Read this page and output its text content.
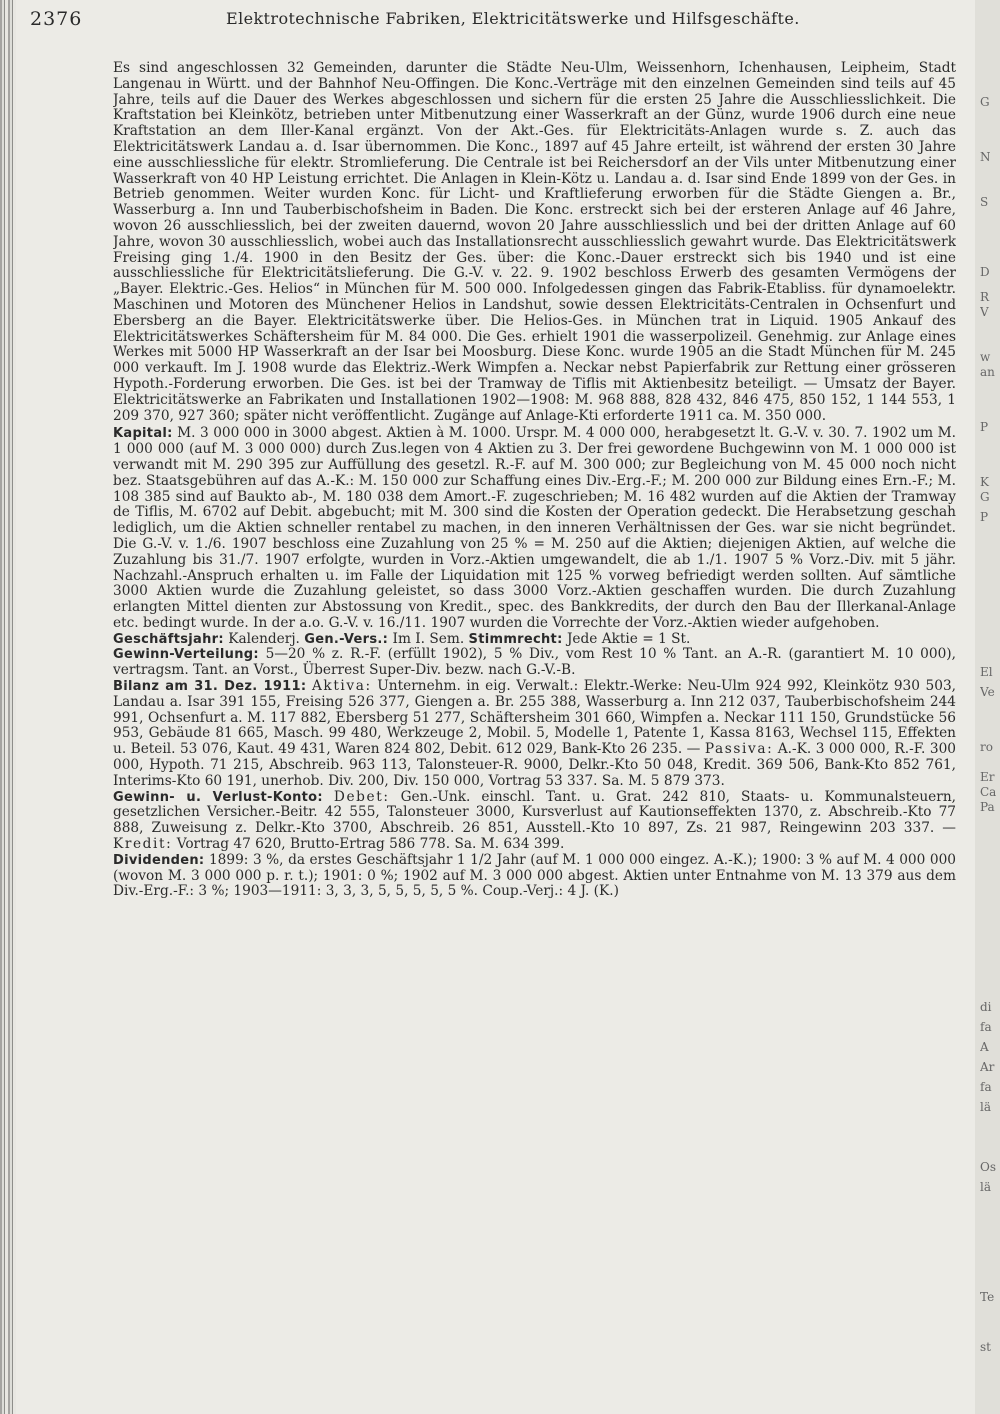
2376	Elektrotechnische Fabriken, Elektricitätswerke und Hilfsgeschäfte.

Es sind angeschlossen 32 Gemeinden, darunter die Städte Neu-Ulm, Weissenhorn, Ichenhausen, Leipheim, Stadt Langenau in Württ. und der Bahnhof Neu-Offingen. Die Konc.-Verträge mit den einzelnen Gemeinden sind teils auf 45 Jahre, teils auf die Dauer des Werkes abgeschlossen und sichern für die ersten 25 Jahre die Ausschliesslichkeit. Die Kraftstation bei Kleinkötz, betrieben unter Mitbenutzung einer Wasserkraft an der Günz, wurde 1906 durch eine neue Kraftstation an dem Iller-Kanal ergänzt. Von der Akt.-Ges. für Elektricitäts-Anlagen wurde s. Z. auch das Elektricitätswerk Landau a. d. Isar übernommen. Die Konc., 1897 auf 45 Jahre erteilt, ist während der ersten 30 Jahre eine ausschliessliche für elektr. Stromlieferung. Die Centrale ist bei Reichersdorf an der Vils unter Mitbenutzung einer Wasserkraft von 40 HP Leistung errichtet. Die Anlagen in Klein-Kötz u. Landau a. d. Isar sind Ende 1899 von der Ges. in Betrieb genommen. Weiter wurden Konc. für Licht- und Kraftlieferung erworben für die Städte Giengen a. Br., Wasserburg a. Inn und Tauberbischofsheim in Baden. Die Konc. erstreckt sich bei der ersteren Anlage auf 46 Jahre, wovon 26 ausschliesslich, bei der zweiten dauernd, wovon 20 Jahre ausschliesslich und bei der dritten Anlage auf 60 Jahre, wovon 30 ausschliesslich, wobei auch das Installationsrecht ausschliesslich gewahrt wurde. Das Elektricitätswerk Freising ging 1./4. 1900 in den Besitz der Ges. über: die Konc.-Dauer erstreckt sich bis 1940 und ist eine ausschliessliche für Elektricitätslieferung. Die G.-V. v. 22. 9. 1902 beschloss Erwerb des gesamten Vermögens der „Bayer. Elektric.-Ges. Helios“ in München für M. 500 000. Infolgedessen gingen das Fabrik-Etabliss. für dynamoelektr. Maschinen und Motoren des Münchener Helios in Landshut, sowie dessen Elektricitäts-Centralen in Ochsenfurt und Ebersberg an die Bayer. Elektricitätswerke über. Die Helios-Ges. in München trat in Liquid. 1905 Ankauf des Elektricitätswerkes Schäftersheim für M. 84 000. Die Ges. erhielt 1901 die wasserpolizeil. Genehmig. zur Anlage eines Werkes mit 5000 HP Wasserkraft an der Isar bei Moosburg. Diese Konc. wurde 1905 an die Stadt München für M. 245 000 verkauft. Im J. 1908 wurde das Elektriz.-Werk Wimpfen a. Neckar nebst Papierfabrik zur Rettung einer grösseren Hypoth.-Forderung erworben. Die Ges. ist bei der Tramway de Tiflis mit Aktienbesitz beteiligt. — Umsatz der Bayer. Elektricitätswerke an Fabrikaten und Installationen 1902—1908: M. 968 888, 828 432, 846 475, 850 152, 1 144 553, 1 209 370, 927 360; später nicht veröffentlicht. Zugänge auf Anlage-Kti erforderte 1911 ca. M. 350 000.

Kapital: M. 3 000 000 in 3000 abgest. Aktien à M. 1000. Urspr. M. 4 000 000, herabgesetzt lt. G.-V. v. 30. 7. 1902 um M. 1 000 000 (auf M. 3 000 000) durch Zus.legen von 4 Aktien zu 3. Der frei gewordene Buchgewinn von M. 1 000 000 ist verwandt mit M. 290 395 zur Auffüllung des gesetzl. R.-F. auf M. 300 000; zur Begleichung von M. 45 000 noch nicht bez. Staatsgebühren auf das A.-K.: M. 150 000 zur Schaffung eines Div.-Erg.-F.; M. 200 000 zur Bildung eines Ern.-F.; M. 108 385 sind auf Baukto ab-, M. 180 038 dem Amort.-F. zugeschrieben; M. 16 482 wurden auf die Aktien der Tramway de Tiflis, M. 6702 auf Debit. abgebucht; mit M. 300 sind die Kosten der Operation gedeckt. Die Herabsetzung geschah lediglich, um die Aktien schneller rentabel zu machen, in den inneren Verhältnissen der Ges. war sie nicht begründet. Die G.-V. v. 1./6. 1907 beschloss eine Zuzahlung von 25 % = M. 250 auf die Aktien; diejenigen Aktien, auf welche die Zuzahlung bis 31./7. 1907 erfolgte, wurden in Vorz.-Aktien umgewandelt, die ab 1./1. 1907 5 % Vorz.-Div. mit 5 jähr. Nachzahl.-Anspruch erhalten u. im Falle der Liquidation mit 125 % vorweg befriedigt werden sollten. Auf sämtliche 3000 Aktien wurde die Zuzahlung geleistet, so dass 3000 Vorz.-Aktien geschaffen wurden. Die durch Zuzahlung erlangten Mittel dienten zur Abstossung von Kredit., spec. des Bankkredits, der durch den Bau der Illerkanal-Anlage etc. bedingt wurde. In der a.o. G.-V. v. 16./11. 1907 wurden die Vorrechte der Vorz.-Aktien wieder aufgehoben.

Geschäftsjahr: Kalenderj. Gen.-Vers.: Im I. Sem. Stimmrecht: Jede Aktie = 1 St.

Gewinn-Verteilung: 5—20 % z. R.-F. (erfüllt 1902), 5 % Div., vom Rest 10 % Tant. an A.-R. (garantiert M. 10 000), vertragsm. Tant. an Vorst., Überrest Super-Div. bezw. nach G.-V.-B.

Bilanz am 31. Dez. 1911: Aktiva: Unternehm. in eig. Verwalt.: Elektr.-Werke: Neu-Ulm 924 992, Kleinkötz 930 503, Landau a. Isar 391 155, Freising 526 377, Giengen a. Br. 255 388, Wasserburg a. Inn 212 037, Tauberbischofsheim 244 991, Ochsenfurt a. M. 117 882, Ebersberg 51 277, Schäftersheim 301 660, Wimpfen a. Neckar 111 150, Grundstücke 56 953, Gebäude 81 665, Masch. 99 480, Werkzeuge 2, Mobil. 5, Modelle 1, Patente 1, Kassa 8163, Wechsel 115, Effekten u. Beteil. 53 076, Kaut. 49 431, Waren 824 802, Debit. 612 029, Bank-Kto 26 235. — Passiva: A.-K. 3 000 000, R.-F. 300 000, Hypoth. 71 215, Abschreib. 963 113, Talonsteuer-R. 9000, Delkr.-Kto 50 048, Kredit. 369 506, Bank-Kto 852 761, Interims-Kto 60 191, unerhob. Div. 200, Div. 150 000, Vortrag 53 337. Sa. M. 5 879 373.

Gewinn- u. Verlust-Konto: Debet: Gen.-Unk. einschl. Tant. u. Grat. 242 810, Staats- u. Kommunalsteuern, gesetzlichen Versicher.-Beitr. 42 555, Talonsteuer 3000, Kursverlust auf Kautionseffekten 1370, z. Abschreib.-Kto 77 888, Zuweisung z. Delkr.-Kto 3700, Abschreib. 26 851, Ausstell.-Kto 10 897, Zs. 21 987, Reingewinn 203 337. — Kredit: Vortrag 47 620, Brutto-Ertrag 586 778. Sa. M. 634 399.

Dividenden: 1899: 3 %, da erstes Geschäftsjahr 1 1/2 Jahr (auf M. 1 000 000 eingez. A.-K.); 1900: 3 % auf M. 4 000 000 (wovon M. 3 000 000 p. r. t.); 1901: 0 %; 1902 auf M. 3 000 000 abgest. Aktien unter Entnahme von M. 13 379 aus dem Div.-Erg.-F.: 3 %; 1903—1911: 3, 3, 3, 5, 5, 5, 5, 5 %. Coup.-Verj.: 4 J. (K.)

G
N
S
D
R
V
w
an
P
K
G
P
El
Ve
ro
Er
Ca
Pa
di
fa
A
Ar
fa
lä
Os
lä
Te
st
